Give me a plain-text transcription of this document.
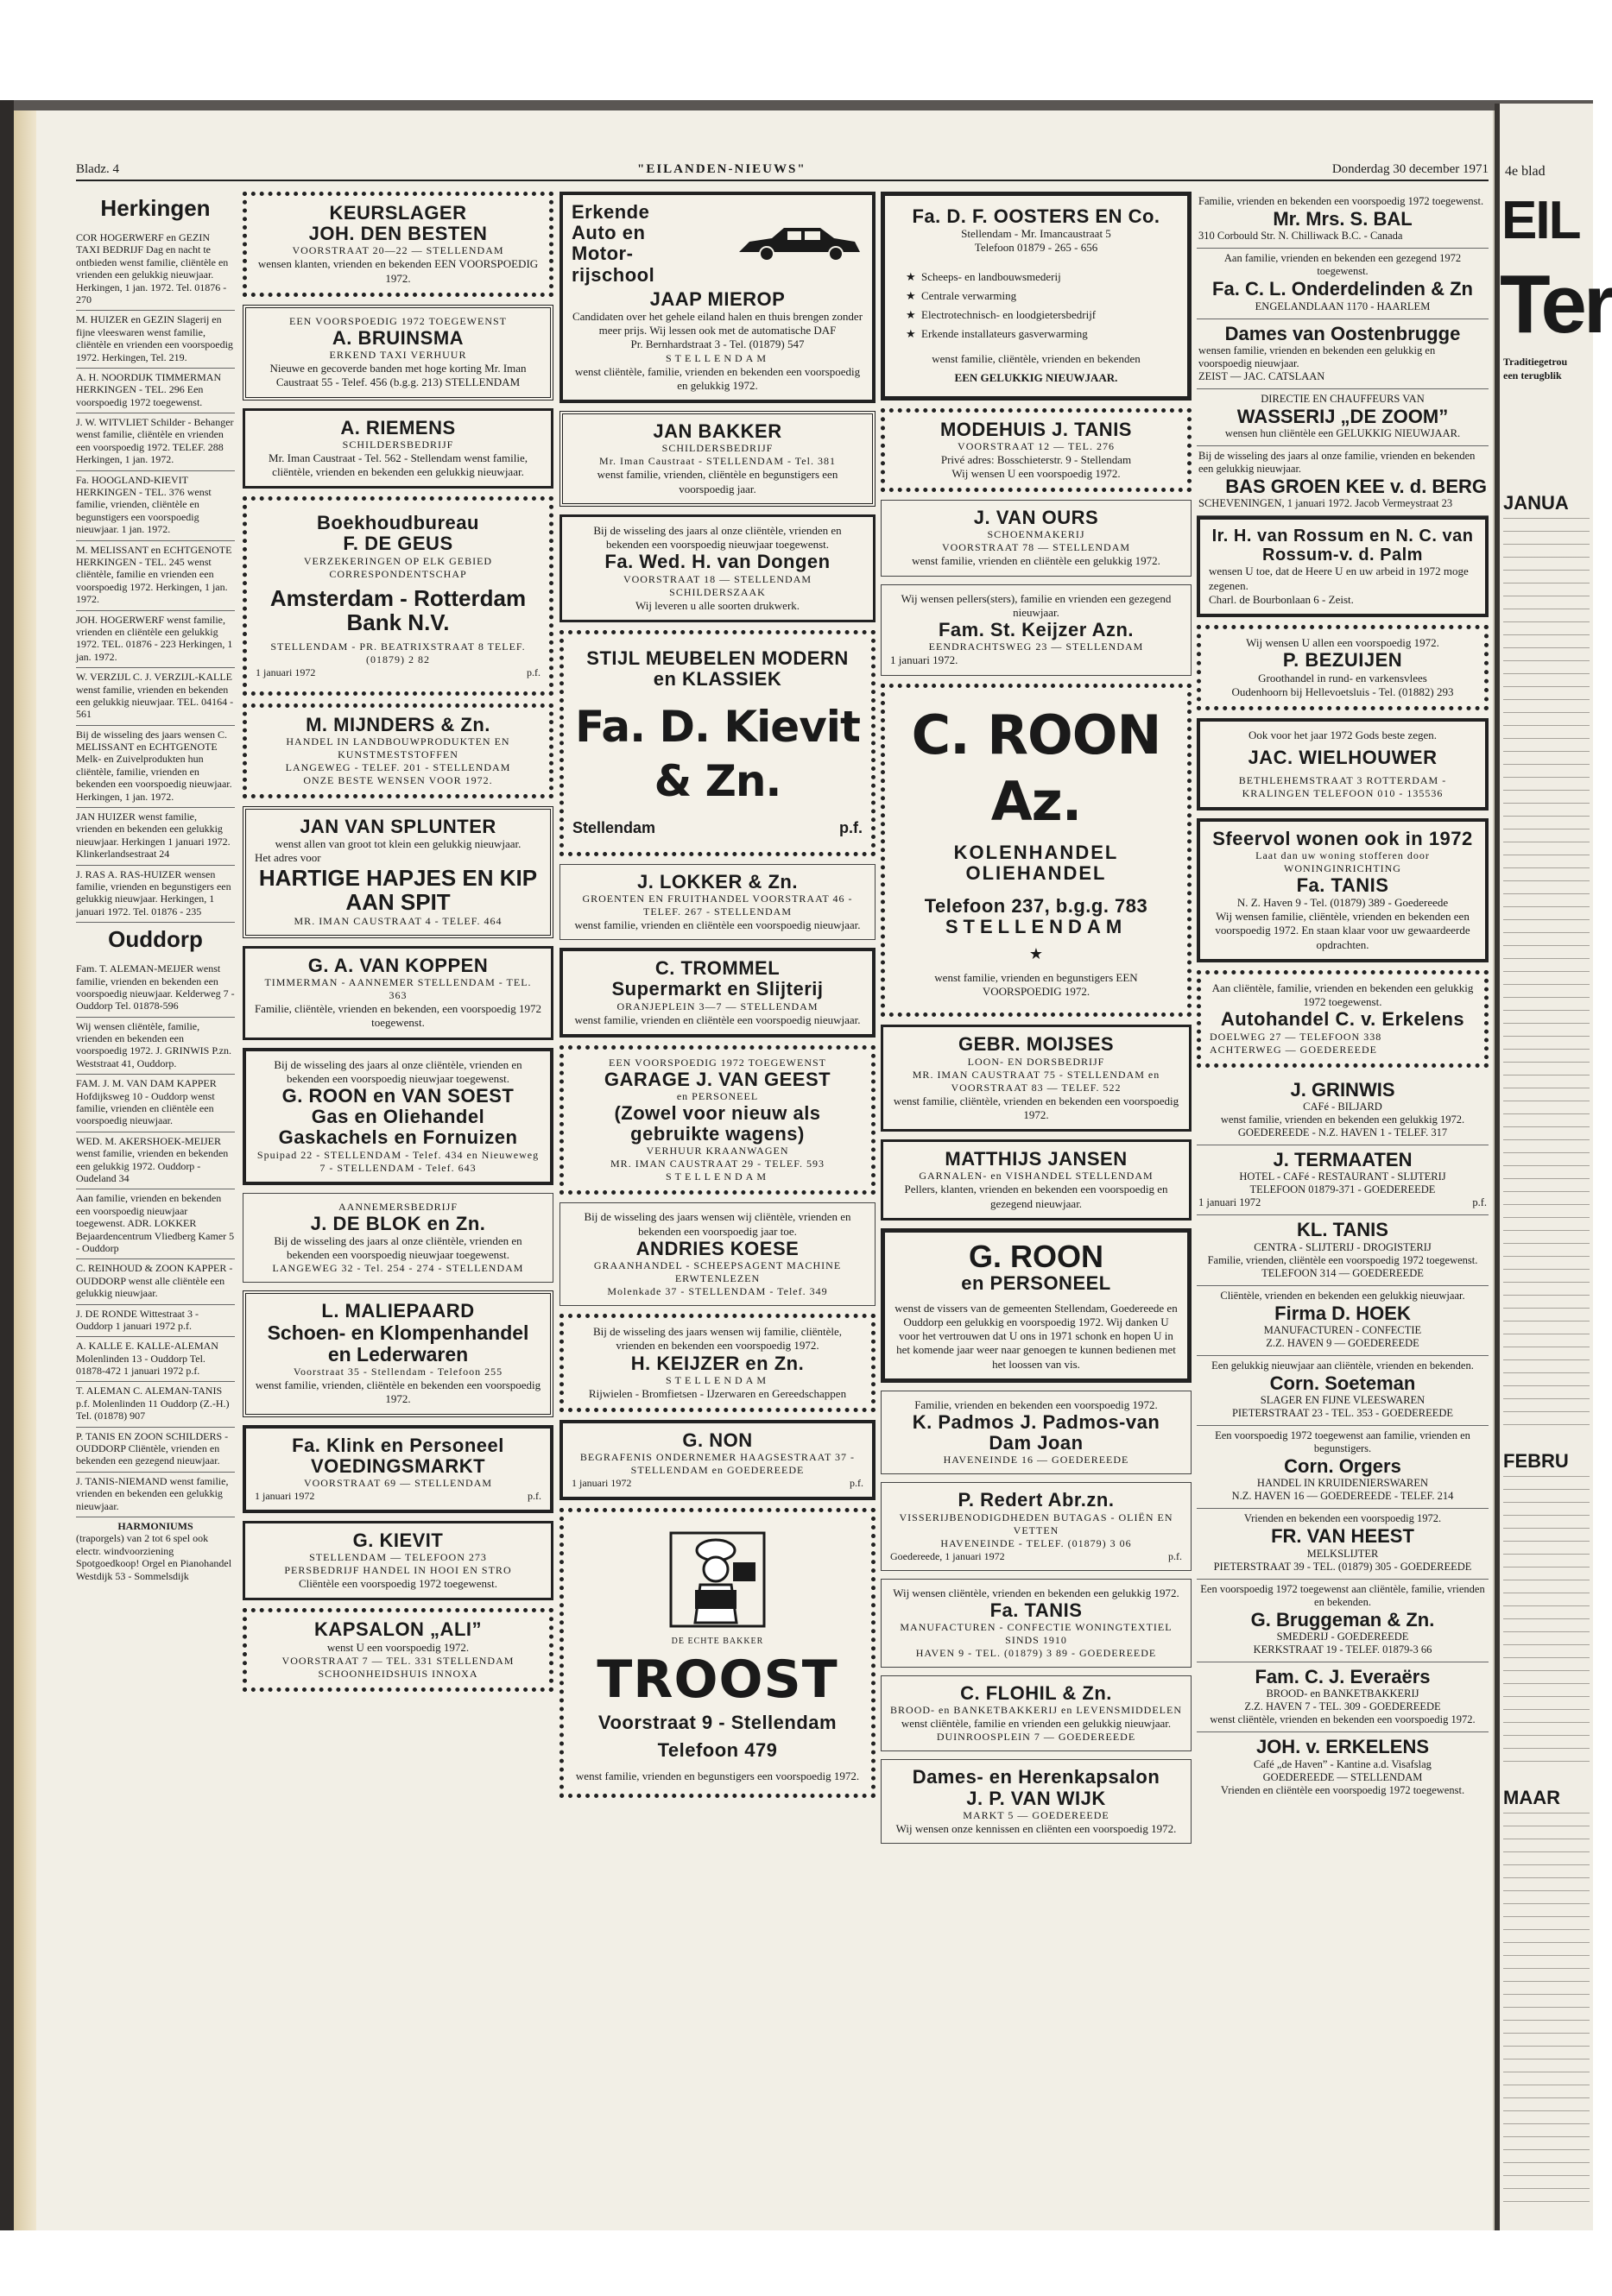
4e blad
EIL
Ter
Traditiegetrou
een terugblik
JANUA
FEBRU
MAAR
Bladz. 4	"EILANDEN-NIEUWS"	Donderdag 30 december 1971
Herkingen
COR HOGERWERF en GEZIN TAXI BEDRIJF Dag en nacht te ontbieden wenst familie, cliëntèle en vrienden een gelukkig nieuwjaar. Herkingen, 1 jan. 1972. Tel. 01876 - 270
M. HUIZER en GEZIN Slagerij en fijne vleeswaren wenst familie, cliëntèle en vrienden een voorspoedig 1972. Herkingen, Tel. 219.
A. H. NOORDIJK TIMMERMAN HERKINGEN - TEL. 296 Een voorspoedig 1972 toegewenst.
J. W. WITVLIET Schilder - Behanger wenst familie, cliëntèle en vrienden een voorspoedig 1972. TELEF. 288 Herkingen, 1 jan. 1972.
Fa. HOOGLAND-KIEVIT HERKINGEN - TEL. 376 wenst familie, vrienden, cliëntèle en begunstigers een voorspoedig nieuwjaar. 1 jan. 1972.
M. MELISSANT en ECHTGENOTE HERKINGEN - TEL. 245 wenst cliëntèle, familie en vrienden een voorspoedig 1972. Herkingen, 1 jan. 1972.
JOH. HOGERWERF wenst familie, vrienden en cliëntèle een gelukkig 1972. TEL. 01876 - 223 Herkingen, 1 jan. 1972.
W. VERZIJL C. J. VERZIJL-KALLE wenst familie, vrienden en bekenden een gelukkig nieuwjaar. TEL. 04164 - 561
Bij de wisseling des jaars wensen C. MELISSANT en ECHTGENOTE Melk- en Zuivelprodukten hun cliëntèle, familie, vrienden en bekenden een voorspoedig nieuwjaar. Herkingen, 1 jan. 1972.
JAN HUIZER wenst familie, vrienden en bekenden een gelukkig nieuwjaar. Herkingen 1 januari 1972. Klinkerlandsestraat 24
J. RAS A. RAS-HUIZER wensen familie, vrienden en begunstigers een gelukkig nieuwjaar. Herkingen, 1 januari 1972. Tel. 01876 - 235
Ouddorp
Fam. T. ALEMAN-MEIJER wenst familie, vrienden en bekenden een voorspoedig nieuwjaar. Kelderweg 7 - Ouddorp Tel. 01878-596
Wij wensen cliëntèle, familie, vrienden en bekenden een voorspoedig 1972. J. GRINWIS P.zn. Weststraat 41, Ouddorp.
FAM. J. M. VAN DAM KAPPER Hofdijksweg 10 - Ouddorp wenst familie, vrienden en cliëntèle een voorspoedig nieuwjaar.
WED. M. AKERSHOEK-MEIJER wenst familie, vrienden en bekenden een gelukkig 1972. Ouddorp - Oudeland 34
Aan familie, vrienden en bekenden een voorspoedig nieuwjaar toegewenst. ADR. LOKKER Bejaardencentrum Vliedberg Kamer 5 - Ouddorp
C. REINHOUD & ZOON KAPPER - OUDDORP wenst alle cliëntèle een gelukkig nieuwjaar.
J. DE RONDE Wittestraat 3 - Ouddorp 1 januari 1972 p.f.
A. KALLE E. KALLE-ALEMAN Molenlinden 13 - Ouddorp Tel. 01878-472 1 januari 1972 p.f.
T. ALEMAN C. ALEMAN-TANIS p.f. Molenlinden 11 Ouddorp (Z.-H.) Tel. (01878) 907
P. TANIS EN ZOON SCHILDERS - OUDDORP Cliëntèle, vrienden en bekenden een gezegend nieuwjaar.
J. TANIS-NIEMAND wenst familie, vrienden en bekenden een gelukkig nieuwjaar.
HARMONIUMS
(traporgels) van 2 tot 6 spel ook electr. windvoorziening Spotgoedkoop! Orgel en Pianohandel Westdijk 53 - Sommelsdijk
KEURSLAGER
JOH. DEN BESTEN
VOORSTRAAT 20—22 — STELLENDAM
wensen klanten, vrienden en bekenden EEN VOORSPOEDIG 1972.
EEN VOORSPOEDIG 1972 TOEGEWENST
A. BRUINSMA
ERKEND TAXI VERHUUR
Nieuwe en gecoverde banden met hoge korting Mr. Iman Caustraat 55 - Telef. 456 (b.g.g. 213) STELLENDAM
A. RIEMENS
SCHILDERSBEDRIJF
Mr. Iman Caustraat - Tel. 562 - Stellendam wenst familie, cliëntèle, vrienden en bekenden een gelukkig nieuwjaar.
Boekhoudbureau
F. DE GEUS
VERZEKERINGEN OP ELK GEBIED
CORRESPONDENTSCHAP
Amsterdam - Rotterdam
Bank N.V.
STELLENDAM - PR. BEATRIXSTRAAT 8 TELEF. (01879) 2 82
1 januari 1972	p.f.
M. MIJNDERS & Zn.
HANDEL IN LANDBOUWPRODUKTEN EN KUNSTMESTSTOFFEN
LANGEWEG - TELEF. 201 - STELLENDAM
ONZE BESTE WENSEN VOOR 1972.
JAN VAN SPLUNTER
wenst allen van groot tot klein een gelukkig nieuwjaar.
Het adres voor
HARTIGE HAPJES EN KIP AAN SPIT
MR. IMAN CAUSTRAAT 4 - TELEF. 464
G. A. VAN KOPPEN
TIMMERMAN - AANNEMER STELLENDAM - TEL. 363
Familie, cliëntèle, vrienden en bekenden, een voorspoedig 1972 toegewenst.
Bij de wisseling des jaars al onze cliëntèle, vrienden en bekenden een voorspoedig nieuwjaar toegewenst.
G. ROON en VAN SOEST
Gas en Oliehandel
Gaskachels en Fornuizen
Spuipad 22 - STELLENDAM - Telef. 434 en Nieuweweg 7 - STELLENDAM - Telef. 643
AANNEMERSBEDRIJF
J. DE BLOK en Zn.
Bij de wisseling des jaars al onze cliëntèle, vrienden en bekenden een voorspoedig nieuwjaar toegewenst.
LANGEWEG 32 - Tel. 254 - 274 - STELLENDAM
L. MALIEPAARD
Schoen- en Klompenhandel en Lederwaren
Voorstraat 35 - Stellendam - Telefoon 255
wenst familie, vrienden, cliëntèle en bekenden een voorspoedig 1972.
Fa. Klink en Personeel
VOEDINGSMARKT
VOORSTRAAT 69 — STELLENDAM
1 januari 1972	p.f.
G. KIEVIT
STELLENDAM — TELEFOON 273
PERSBEDRIJF HANDEL IN HOOI EN STRO
Cliëntèle een voorspoedig 1972 toegewenst.
KAPSALON „ALI”
wenst U een voorspoedig 1972.
VOORSTRAAT 7 — TEL. 331 STELLENDAM SCHOONHEIDSHUIS INNOXA
Erkende Auto en Motor-rijschool
JAAP MIEROP
Candidaten over het gehele eiland halen en thuis brengen zonder meer prijs. Wij lessen ook met de automatische DAF
Pr. Bernhardstraat 3 - Tel. (01879) 547
STELLENDAM
wenst cliëntèle, familie, vrienden en bekenden een voorspoedig en gelukkig 1972.
JAN BAKKER
SCHILDERSBEDRIJF
Mr. Iman Caustraat - STELLENDAM - Tel. 381
wenst familie, vrienden, cliëntèle en begunstigers een voorspoedig jaar.
Bij de wisseling des jaars al onze cliëntèle, vrienden en bekenden een voorspoedig nieuwjaar toegewenst.
Fa. Wed. H. van Dongen
VOORSTRAAT 18 — STELLENDAM
SCHILDERSZAAK
Wij leveren u alle soorten drukwerk.
STIJL MEUBELEN MODERN en KLASSIEK
Fa. D. Kievit & Zn.
Stellendam	p.f.
J. LOKKER & Zn.
GROENTEN EN FRUITHANDEL VOORSTRAAT 46 - TELEF. 267 - STELLENDAM
wenst familie, vrienden en cliëntèle een voorspoedig nieuwjaar.
C. TROMMEL
Supermarkt en Slijterij
ORANJEPLEIN 3—7 — STELLENDAM
wenst familie, vrienden en cliëntèle een voorspoedig nieuwjaar.
EEN VOORSPOEDIG 1972 TOEGEWENST
GARAGE J. VAN GEEST
en PERSONEEL
(Zowel voor nieuw als gebruikte wagens)
VERHUUR KRAANWAGEN
MR. IMAN CAUSTRAAT 29 - TELEF. 593
STELLENDAM
Bij de wisseling des jaars wensen wij cliëntèle, vrienden en bekenden een voorspoedig jaar toe.
ANDRIES KOESE
GRAANHANDEL - SCHEEPSAGENT MACHINE ERWTENLEZEN
Molenkade 37 - STELLENDAM - Telef. 349
Bij de wisseling des jaars wensen wij familie, cliëntèle, vrienden en bekenden een voorspoedig 1972.
H. KEIJZER en Zn.
STELLENDAM
Rijwielen - Bromfietsen - IJzerwaren en Gereedschappen
G. NON
BEGRAFENIS ONDERNEMER HAAGSESTRAAT 37 - STELLENDAM en GOEDEREEDE
1 januari 1972	p.f.
DE ECHTE BAKKER
TROOST
Voorstraat 9 - Stellendam
Telefoon 479
wenst familie, vrienden en begunstigers een voorspoedig 1972.
Fa. D. F. OOSTERS EN Co.
Stellendam - Mr. Imancaustraat 5
Telefoon 01879 - 265 - 656
★ Scheeps- en landbouwsmederij
★ Centrale verwarming
★ Electrotechnisch- en loodgietersbedrijf
★ Erkende installateurs gasverwarming
wenst familie, cliëntèle, vrienden en bekenden
EEN GELUKKIG NIEUWJAAR.
MODEHUIS J. TANIS
VOORSTRAAT 12 — TEL. 276
Privé adres: Bosschieterstr. 9 - Stellendam
Wij wensen U een voorspoedig 1972.
J. VAN OURS
SCHOENMAKERIJ
VOORSTRAAT 78 — STELLENDAM
wenst familie, vrienden en cliëntèle een gelukkig 1972.
Wij wensen pellers(sters), familie en vrienden een gezegend nieuwjaar.
Fam. St. Keijzer Azn.
EENDRACHTSWEG 23 — STELLENDAM
1 januari 1972.
C. ROON Az.
KOLENHANDEL
OLIEHANDEL
Telefoon 237, b.g.g. 783
STELLENDAM
★
wenst familie, vrienden en begunstigers EEN VOORSPOEDIG 1972.
GEBR. MOIJSES
LOON- EN DORSBEDRIJF
MR. IMAN CAUSTRAAT 75 - STELLENDAM en VOORSTRAAT 83 — TELEF. 522
wenst familie, cliëntèle, vrienden en bekenden een voorspoedig 1972.
MATTHIJS JANSEN
GARNALEN- en VISHANDEL STELLENDAM
Pellers, klanten, vrienden en bekenden een voorspoedig en gezegend nieuwjaar.
G. ROON
en PERSONEEL
wenst de vissers van de gemeenten Stellendam, Goedereede en Ouddorp een gelukkig en voorspoedig 1972. Wij danken U voor het vertrouwen dat U ons in 1971 schonk en hopen U in het komende jaar weer naar genoegen te kunnen bedienen met het loossen van vis.
Familie, vrienden en bekenden een voorspoedig 1972.
K. Padmos J. Padmos-van Dam Joan
HAVENEINDE 16 — GOEDEREEDE
P. Redert Abr.zn.
VISSERIJBENODIGDHEDEN BUTAGAS - OLIËN EN VETTEN
HAVENEINDE - TELEF. (01879) 3 06
Goedereede, 1 januari 1972	p.f.
Wij wensen cliëntèle, vrienden en bekenden een gelukkig 1972.
Fa. TANIS
MANUFACTUREN - CONFECTIE WONINGTEXTIEL SINDS 1910
HAVEN 9 - TEL. (01879) 3 89 - GOEDEREEDE
C. FLOHIL & Zn.
BROOD- en BANKETBAKKERIJ en LEVENSMIDDELEN
wenst cliëntèle, familie en vrienden een gelukkig nieuwjaar.
DUINROOSPLEIN 7 — GOEDEREEDE
Dames- en Herenkapsalon
J. P. VAN WIJK
MARKT 5 — GOEDEREEDE
Wij wensen onze kennissen en cliënten een voorspoedig 1972.
Familie, vrienden en bekenden een voorspoedig 1972 toegewenst.
Mr. Mrs. S. BAL
310 Corbould Str. N. Chilliwack B.C. - Canada
Aan familie, vrienden en bekenden een gezegend 1972 toegewenst.
Fa. C. L. Onderdelinden & Zn
ENGELANDLAAN 1170 - HAARLEM
Dames van Oostenbrugge
wensen familie, vrienden en bekenden een gelukkig en voorspoedig nieuwjaar.
ZEIST — JAC. CATSLAAN
DIRECTIE EN CHAUFFEURS VAN
WASSERIJ „DE ZOOM”
wensen hun cliëntèle een GELUKKIG NIEUWJAAR.
Bij de wisseling des jaars al onze familie, vrienden en bekenden een gelukkig nieuwjaar.
BAS GROEN KEE v. d. BERG
SCHEVENINGEN, 1 januari 1972. Jacob Vermeystraat 23
Ir. H. van Rossum en N. C. van Rossum-v. d. Palm
wensen U toe, dat de Heere U en uw arbeid in 1972 moge zegenen.
Charl. de Bourbonlaan 6 - Zeist.
Wij wensen U allen een voorspoedig 1972.
P. BEZUIJEN
Groothandel in rund- en varkensvlees
Oudenhoorn bij Hellevoetsluis - Tel. (01882) 293
Ook voor het jaar 1972 Gods beste zegen.
JAC. WIELHOUWER
BETHLEHEMSTRAAT 3 ROTTERDAM - KRALINGEN TELEFOON 010 - 135536
Sfeervol wonen ook in 1972
Laat dan uw woning stofferen door WONINGINRICHTING
Fa. TANIS
N. Z. Haven 9 - Tel. (01879) 389 - Goedereede
Wij wensen familie, cliëntèle, vrienden en bekenden een voorspoedig 1972. En staan klaar voor uw gewaardeerde opdrachten.
Aan cliëntèle, familie, vrienden en bekenden een gelukkig 1972 toegewenst.
Autohandel C. v. Erkelens
DOELWEG 27 — TELEFOON 338
ACHTERWEG — GOEDEREEDE
J. GRINWIS
CAFé - BILJARD
wenst familie, vrienden en bekenden een gelukkig 1972.
GOEDEREEDE - N.Z. HAVEN 1 - TELEF. 317
J. TERMAATEN
HOTEL - CAFé - RESTAURANT - SLIJTERIJ
TELEFOON 01879-371 - GOEDEREEDE
1 januari 1972	p.f.
KL. TANIS
CENTRA - SLIJTERIJ - DROGISTERIJ
Familie, vrienden, cliëntèle een voorspoedig 1972 toegewenst.
TELEFOON 314 — GOEDEREEDE
Cliëntèle, vrienden en bekenden een gelukkig nieuwjaar.
Firma D. HOEK
MANUFACTUREN - CONFECTIE
Z.Z. HAVEN 9 — GOEDEREEDE
Een gelukkig nieuwjaar aan cliëntèle, vrienden en bekenden.
Corn. Soeteman
SLAGER EN FIJNE VLEESWAREN
PIETERSTRAAT 23 - TEL. 353 - GOEDEREEDE
Een voorspoedig 1972 toegewenst aan familie, vrienden en begunstigers.
Corn. Orgers
HANDEL IN KRUIDENIERSWAREN
N.Z. HAVEN 16 — GOEDEREEDE - TELEF. 214
Vrienden en bekenden een voorspoedig 1972.
FR. VAN HEEST
MELKSLIJTER
PIETERSTRAAT 39 - TEL. (01879) 305 - GOEDEREEDE
Een voorspoedig 1972 toegewenst aan cliëntèle, familie, vrienden en bekenden.
G. Bruggeman & Zn.
SMEDERIJ - GOEDEREEDE
KERKSTRAAT 19 - TELEF. 01879-3 66
Fam. C. J. Everaërs
BROOD- en BANKETBAKKERIJ
Z.Z. HAVEN 7 - TEL. 309 - GOEDEREEDE
wenst cliëntèle, vrienden en bekenden een voorspoedig 1972.
JOH. v. ERKELENS
Café „de Haven” - Kantine a.d. Visafslag
GOEDEREEDE — STELLENDAM
Vrienden en cliëntèle een voorspoedig 1972 toegewenst.
